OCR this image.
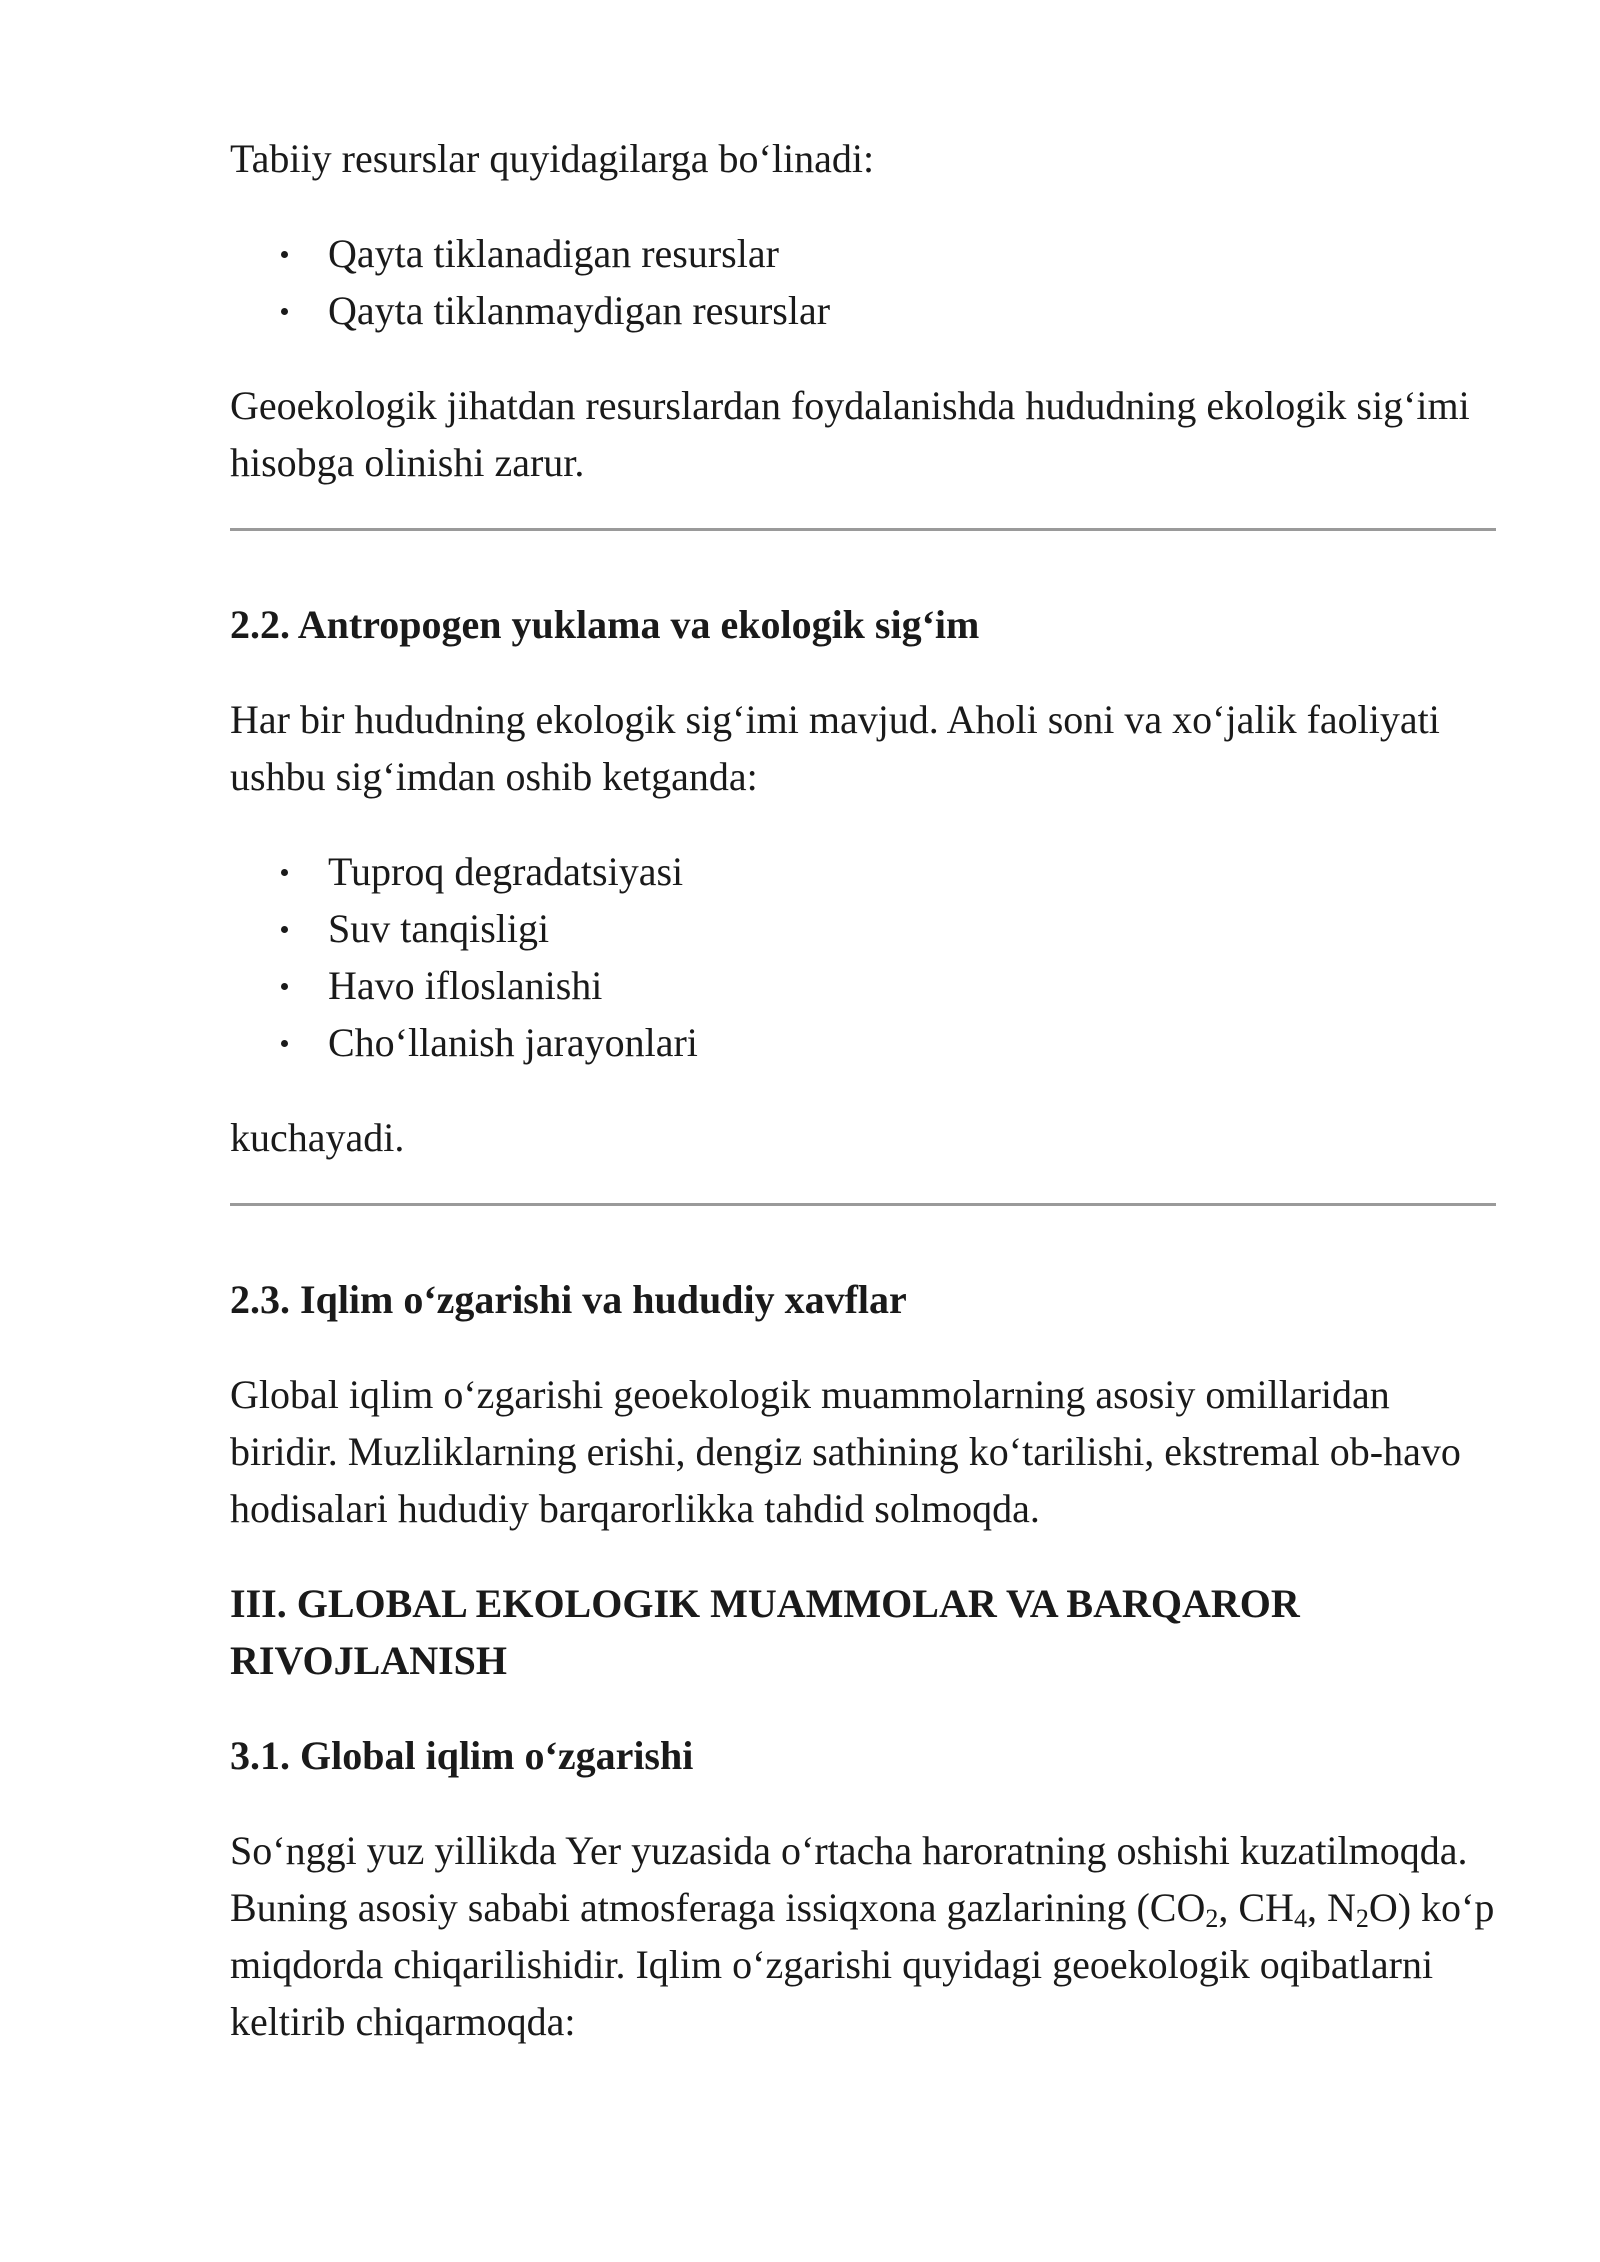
Tabiiy resurslar quyidagilarga bo‘linadi:

Qayta tiklanadigan resurslar
Qayta tiklanmaydigan resurslar

Geoekologik jihatdan resurslardan foydalanishda hududning ekologik sig‘imi hisobga olinishi zarur.

2.2. Antropogen yuklama va ekologik sig‘im

Har bir hududning ekologik sig‘imi mavjud. Aholi soni va xo‘jalik faoliyati ushbu sig‘imdan oshib ketganda:

Tuproq degradatsiyasi
Suv tanqisligi
Havo ifloslanishi
Cho‘llanish jarayonlari

kuchayadi.

2.3. Iqlim o‘zgarishi va hududiy xavflar

Global iqlim o‘zgarishi geoekologik muammolarning asosiy omillaridan biridir. Muzliklarning erishi, dengiz sathining ko‘tarilishi, ekstremal ob-havo hodisalari hududiy barqarorlikka tahdid solmoqda.

III. GLOBAL EKOLOGIK MUAMMOLAR VA BARQAROR RIVOJLANISH
3.1. Global iqlim o‘zgarishi

So‘nggi yuz yillikda Yer yuzasida o‘rtacha haroratning oshishi kuzatilmoqda. Buning asosiy sababi atmosferaga issiqxona gazlarining ($CO_2$, $CH_4$, $N_2O$) ko‘p miqdorda chiqarilishidir. Iqlim o‘zgarishi quyidagi geoekologik oqibatlarni keltirib chiqarmoqda:
